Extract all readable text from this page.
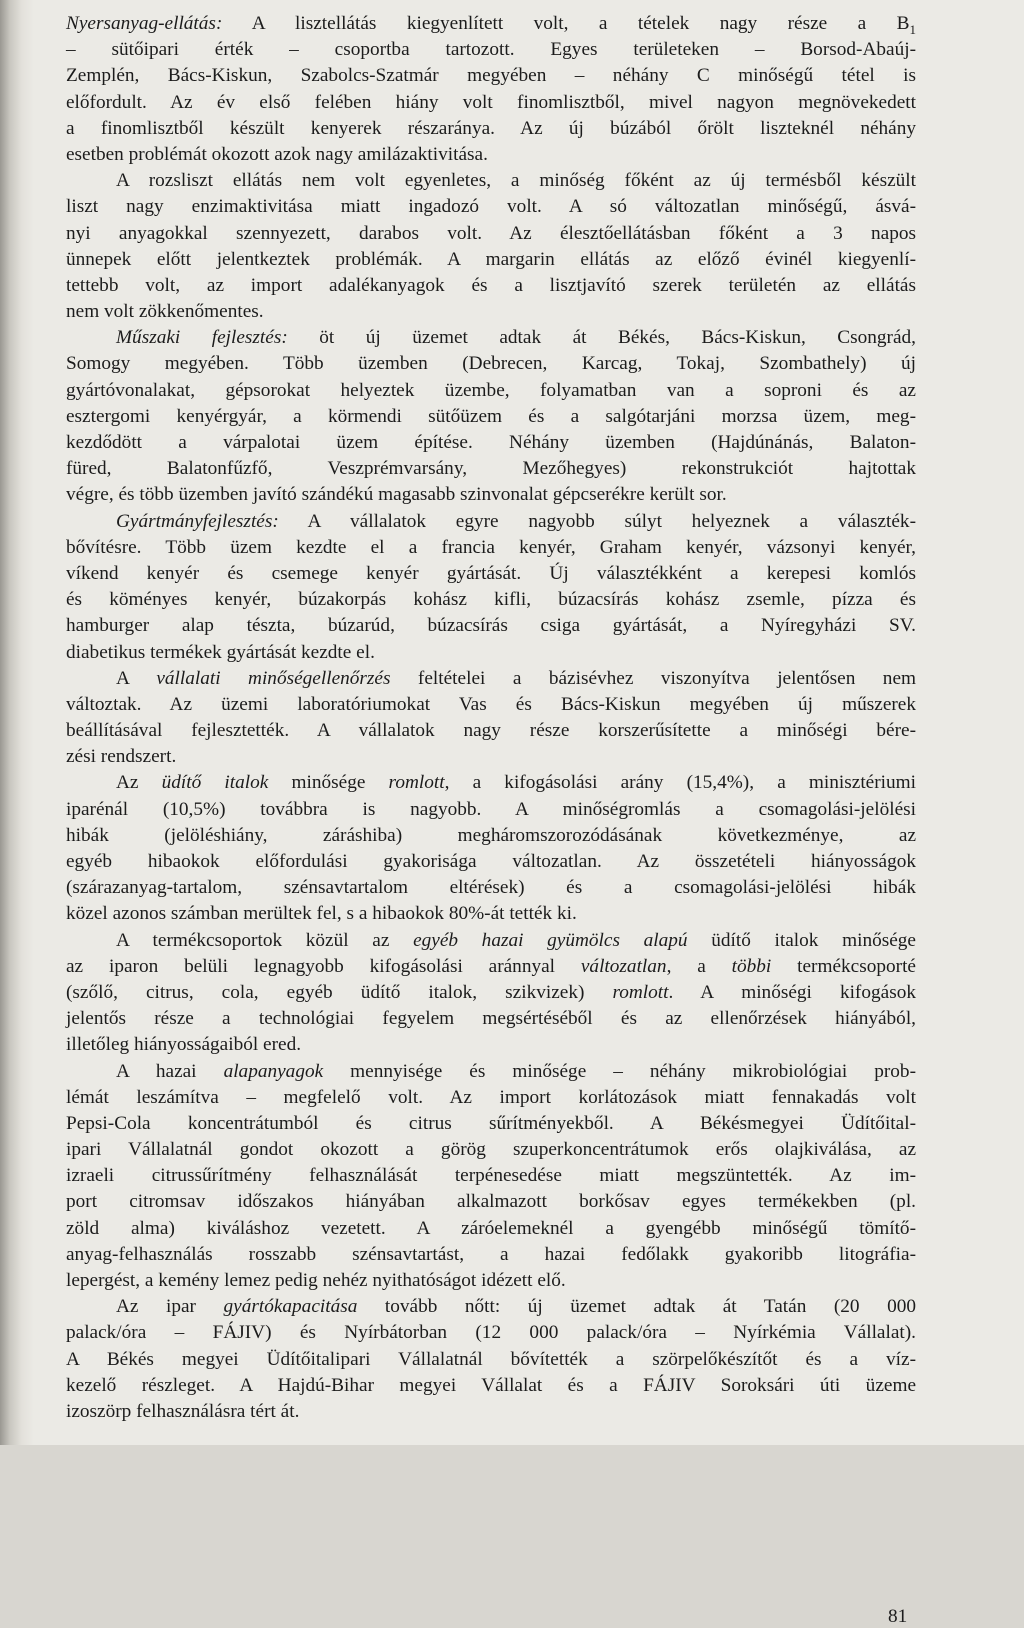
Nyersanyag-ellátás: A lisztellátás kiegyenlített volt, a tételek nagy része a $B_1$
– sütőipari érték – csoportba tartozott. Egyes területeken – Borsod-Abaúj-
Zemplén, Bács-Kiskun, Szabolcs-Szatmár megyében – néhány C minőségű tétel is
előfordult. Az év első felében hiány volt finomlisztből, mivel nagyon megnövekedett
a finomlisztből készült kenyerek részaránya. Az új búzából őrölt liszteknél néhány
esetben problémát okozott azok nagy amilázaktivitása.
A rozsliszt ellátás nem volt egyenletes, a minőség főként az új termésből készült
liszt nagy enzimaktivitása miatt ingadozó volt. A só változatlan minőségű, ásvá-
nyi anyagokkal szennyezett, darabos volt. Az élesztőellátásban főként a 3 napos
ünnepek előtt jelentkeztek problémák. A margarin ellátás az előző évinél kiegyenlí-
tettebb volt, az import adalékanyagok és a lisztjavító szerek területén az ellátás
nem volt zökkenőmentes.
Műszaki fejlesztés: öt új üzemet adtak át Békés, Bács-Kiskun, Csongrád,
Somogy megyében. Több üzemben (Debrecen, Karcag, Tokaj, Szombathely) új
gyártóvonalakat, gépsorokat helyeztek üzembe, folyamatban van a soproni és az
esztergomi kenyérgyár, a körmendi sütőüzem és a salgótarjáni morzsa üzem, meg-
kezdődött a várpalotai üzem építése. Néhány üzemben (Hajdúnánás, Balaton-
füred, Balatonfűzfő, Veszprémvarsány, Mezőhegyes) rekonstrukciót hajtottak
végre, és több üzemben javító szándékú magasabb szinvonalat gépcserékre került sor.
Gyártmányfejlesztés: A vállalatok egyre nagyobb súlyt helyeznek a választék-
bővítésre. Több üzem kezdte el a francia kenyér, Graham kenyér, vázsonyi kenyér,
víkend kenyér és csemege kenyér gyártását. Új választékként a kerepesi komlós
és köményes kenyér, búzakorpás kohász kifli, búzacsírás kohász zsemle, pízza és
hamburger alap tészta, búzarúd, búzacsírás csiga gyártását, a Nyíregyházi SV.
diabetikus termékek gyártását kezdte el.
A vállalati minőségellenőrzés feltételei a bázisévhez viszonyítva jelentősen nem
változtak. Az üzemi laboratóriumokat Vas és Bács-Kiskun megyében új műszerek
beállításával fejlesztették. A vállalatok nagy része korszerűsítette a minőségi bére-
zési rendszert.
Az üdítő italok minősége romlott, a kifogásolási arány (15,4%), a minisztériumi
iparénál (10,5%) továbbra is nagyobb. A minőségromlás a csomagolási-jelölési
hibák (jelöléshiány, záráshiba) megháromszorozódásának következménye, az
egyéb hibaokok előfordulási gyakorisága változatlan. Az összetételi hiányosságok
(szárazanyag-tartalom, szénsavtartalom eltérések) és a csomagolási-jelölési hibák
közel azonos számban merültek fel, s a hibaokok 80%-át tették ki.
A termékcsoportok közül az egyéb hazai gyümölcs alapú üdítő italok minősége
az iparon belüli legnagyobb kifogásolási aránnyal változatlan, a többi termékcsoporté
(szőlő, citrus, cola, egyéb üdítő italok, szikvizek) romlott. A minőségi kifogások
jelentős része a technológiai fegyelem megsértéséből és az ellenőrzések hiányából,
illetőleg hiányosságaiból ered.
A hazai alapanyagok mennyisége és minősége – néhány mikrobiológiai prob-
lémát leszámítva – megfelelő volt. Az import korlátozások miatt fennakadás volt
Pepsi-Cola koncentrátumból és citrus sűrítményekből. A Békésmegyei Üdítőital-
ipari Vállalatnál gondot okozott a görög szuperkoncentrátumok erős olajkiválása, az
izraeli citrussűrítmény felhasználását terpénesedése miatt megszüntették. Az im-
port citromsav időszakos hiányában alkalmazott borkősav egyes termékekben (pl.
zöld alma) kiváláshoz vezetett. A záróelemeknél a gyengébb minőségű tömítő-
anyag-felhasználás rosszabb szénsavtartást, a hazai fedőlakk gyakoribb litográfia-
lepergést, a kemény lemez pedig nehéz nyithatóságot idézett elő.
Az ipar gyártókapacitása tovább nőtt: új üzemet adtak át Tatán (20 000
palack/óra – FÁJIV) és Nyírbátorban (12 000 palack/óra – Nyírkémia Vállalat).
A Békés megyei Üdítőitalipari Vállalatnál bővítették a szörpelőkészítőt és a víz-
kezelő részleget. A Hajdú-Bihar megyei Vállalat és a FÁJIV Soroksári úti üzeme
izoszörp felhasználásra tért át.
81
